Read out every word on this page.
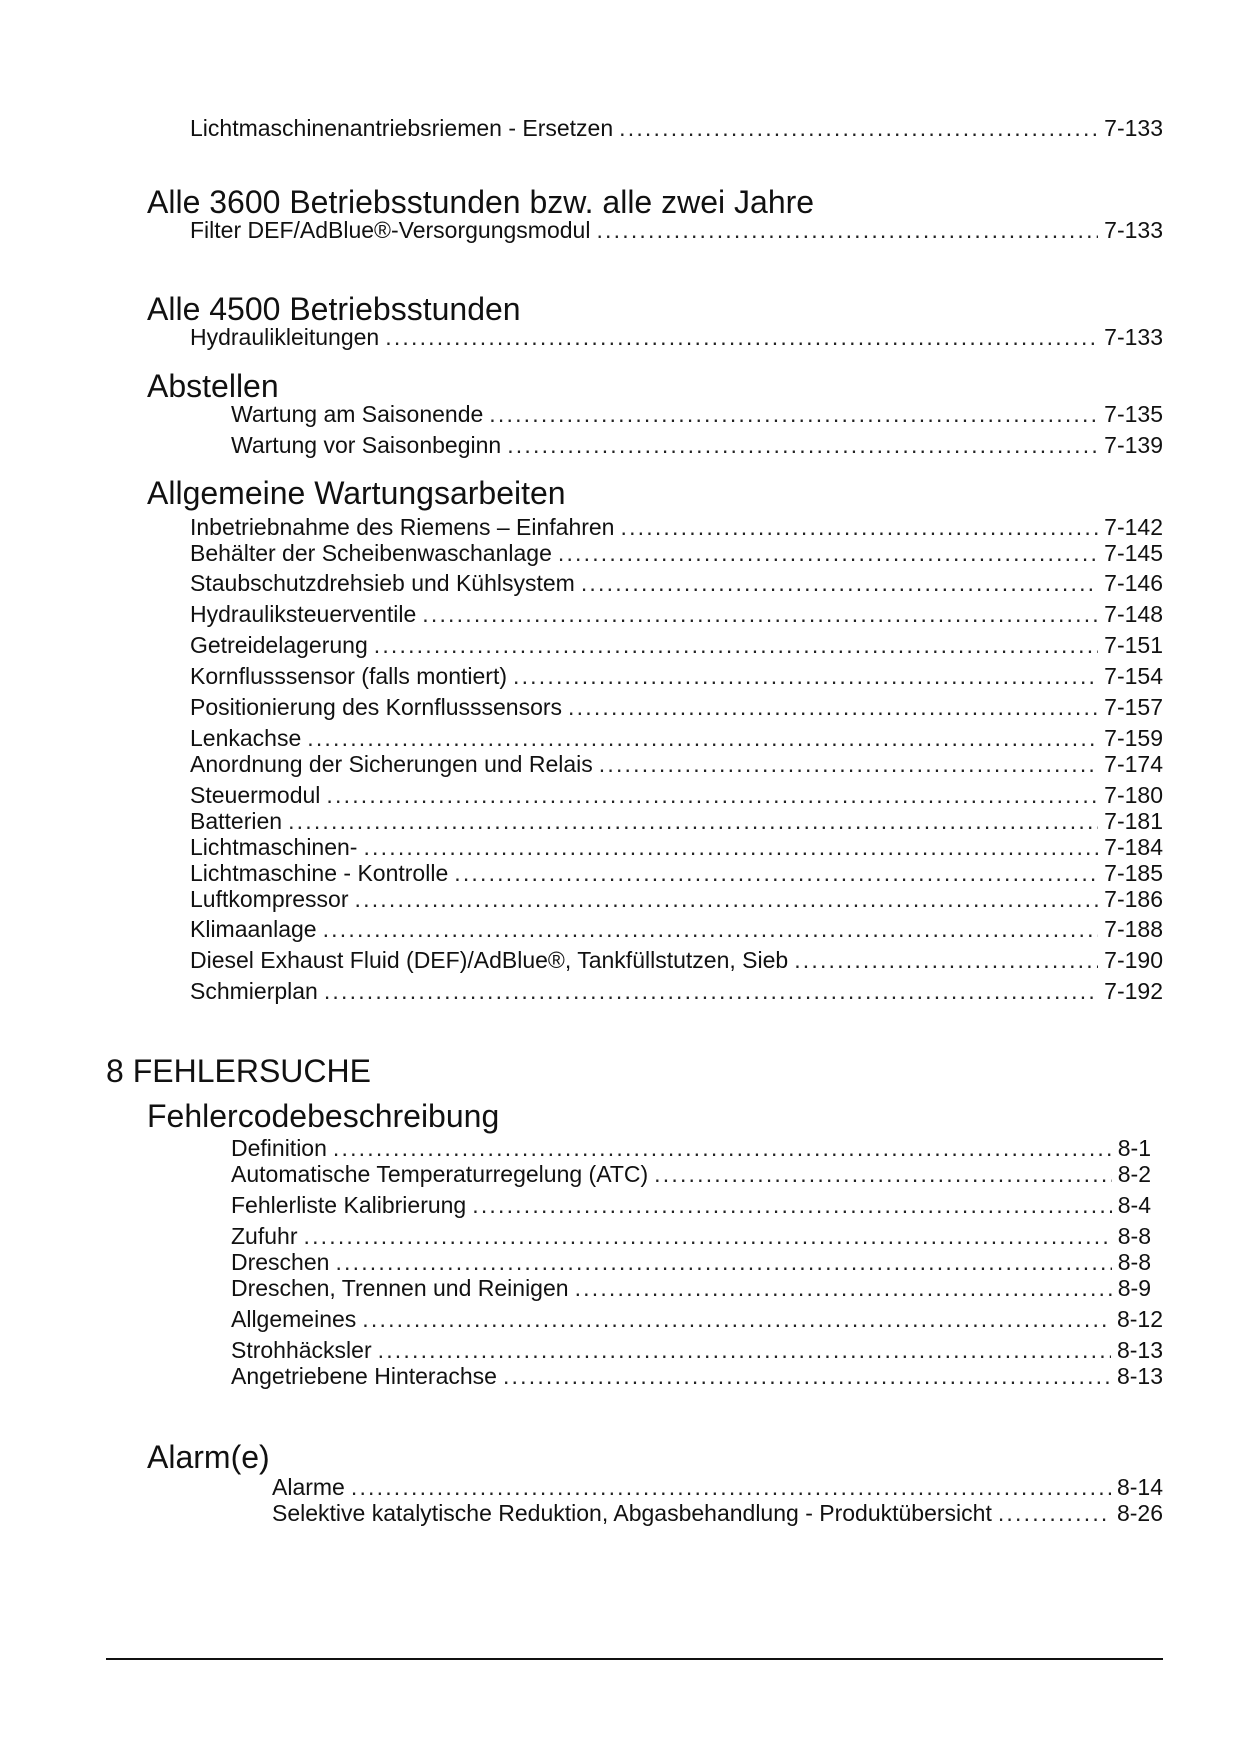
Lichtmaschinenantriebsriemen - Ersetzen .....	7-133
Alle 3600 Betriebsstunden bzw. alle zwei Jahre
Filter DEF/AdBlue®-Versorgungsmodul .....	7-133
Alle 4500 Betriebsstunden
Hydraulikleitungen .....	7-133
Abstellen
Wartung am Saisonende .....	7-135
Wartung vor Saisonbeginn .....	7-139
Allgemeine Wartungsarbeiten
Inbetriebnahme des Riemens – Einfahren .....	7-142
Behälter der Scheibenwaschanlage .....	7-145
Staubschutzdrehsieb und Kühlsystem .....	7-146
Hydrauliksteuerventile .....	7-148
Getreidelagerung .....	7-151
Kornflusssensor (falls montiert) .....	7-154
Positionierung des Kornflusssensors .....	7-157
Lenkachse .....	7-159
Anordnung der Sicherungen und Relais .....	7-174
Steuermodul .....	7-180
Batterien .....	7-181
Lichtmaschinen- .....	7-184
Lichtmaschine - Kontrolle .....	7-185
Luftkompressor .....	7-186
Klimaanlage .....	7-188
Diesel Exhaust Fluid (DEF)/AdBlue®, Tankfüllstutzen, Sieb .....	7-190
Schmierplan .....	7-192
8 FEHLERSUCHE
Fehlercodebeschreibung
Definition .....	8-1
Automatische Temperaturregelung (ATC) .....	8-2
Fehlerliste Kalibrierung .....	8-4
Zufuhr .....	8-8
Dreschen .....	8-8
Dreschen, Trennen und Reinigen .....	8-9
Allgemeines .....	8-12
Strohhäcksler .....	8-13
Angetriebene Hinterachse .....	8-13
Alarm(e)
Alarme .....	8-14
Selektive katalytische Reduktion, Abgasbehandlung - Produktübersicht .....	8-26
